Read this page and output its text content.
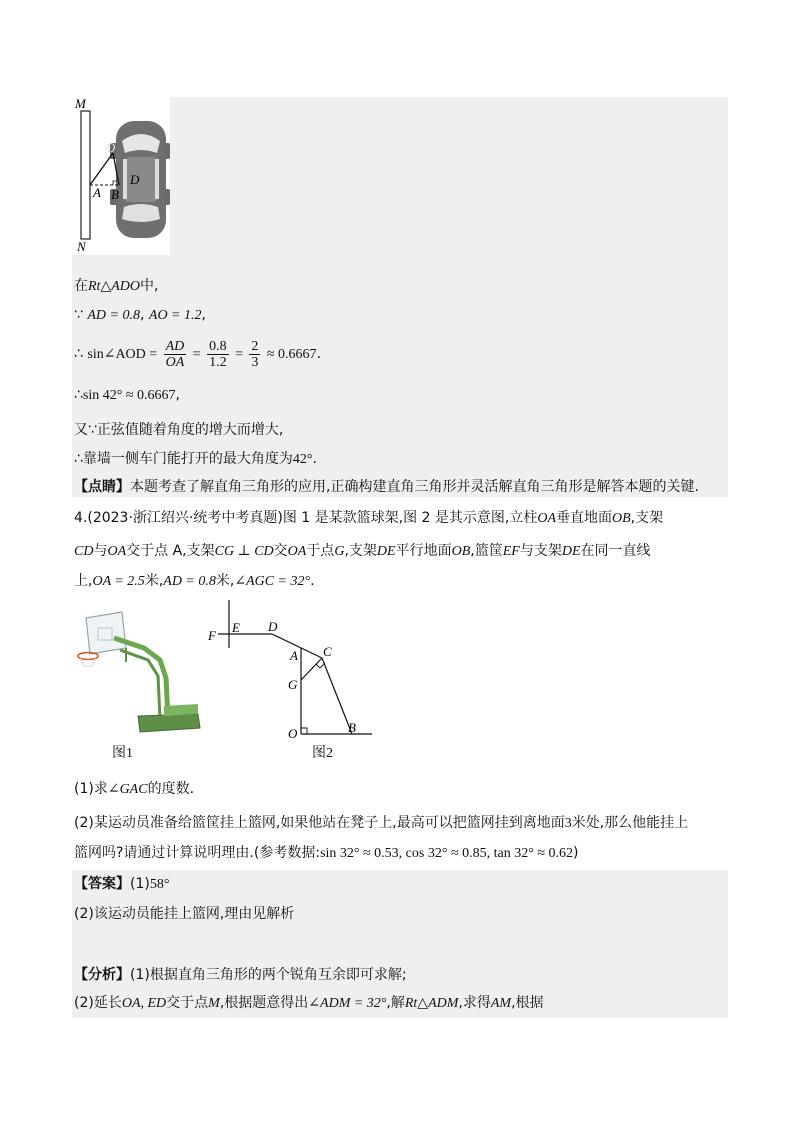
M
N
O
A B
D
在Rt△ADO中,
∵ AD = 0.8, AO = 1.2,
∴ sin∠AOD = $\frac{AD}{OA} = \frac{0.8}{1.2} = \frac{2}{3} \approx 0.6667$.
∴sin 42° ≈ 0.6667,
又∵正弦值随着角度的增大而增大,
∴靠墙一侧车门能打开的最大角度为42°.
【点睛】本题考查了解直角三角形的应用,正确构建直角三角形并灵活解直角三角形是解答本题的关键.
4.(2023·浙江绍兴·统考中考真题)图 1 是某款篮球架,图 2 是其示意图,立柱OA垂直地面OB,支架
CD与OA交于点 A,支架CG ⊥ CD交OA于点G,支架DE平行地面OB,篮筐EF与支架DE在同一直线
上,OA = 2.5米,AD = 0.8米,∠AGC = 32°.
图1
F
E D
A C
G
O	B
图2
(1)求∠GAC的度数.
(2)某运动员准备给篮筐挂上篮网,如果他站在凳子上,最高可以把篮网挂到离地面3米处,那么他能挂上
篮网吗?请通过计算说明理由.(参考数据:sin 32° ≈ 0.53, cos 32° ≈ 0.85, tan 32° ≈ 0.62)
【答案】(1)58°
(2)该运动员能挂上篮网,理由见解析
【分析】(1)根据直角三角形的两个锐角互余即可求解;
(2)延长OA, ED交于点M,根据题意得出∠ADM = 32°,解Rt△ADM,求得AM,根据
